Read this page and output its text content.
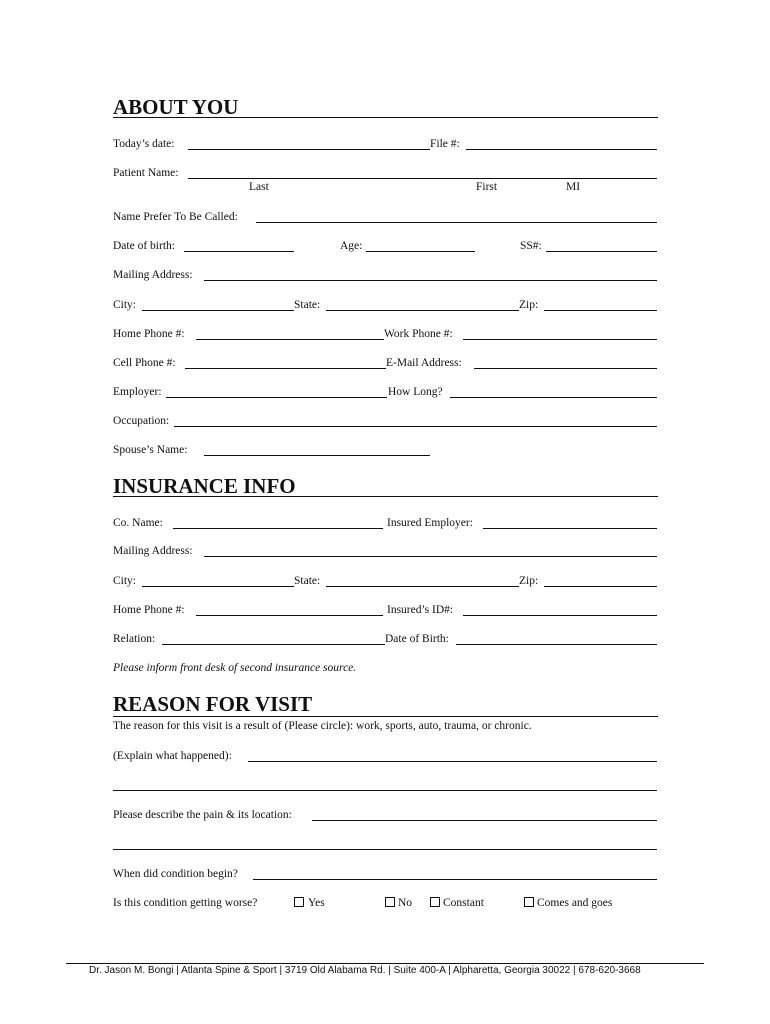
ABOUT YOU
Today’s date:	File #:
Patient Name:
Last	First	MI
Name Prefer To Be Called:
Date of birth:	Age:	SS#:
Mailing Address:
City:	State:	Zip:
Home Phone #:	Work Phone #:
Cell Phone #:	E-Mail Address:
Employer:	How Long?
Occupation:
Spouse’s Name:
INSURANCE INFO
Co. Name:	Insured Employer:
Mailing Address:
City:	State:	Zip:
Home Phone #:	Insured’s ID#:
Relation:	Date of Birth:
Please inform front desk of second insurance source.
REASON FOR VISIT
The reason for this visit is a result of (Please circle): work, sports, auto, trauma, or chronic.
(Explain what happened):
Please describe the pain & its location:
When did condition begin?
Is this condition getting worse?	Yes	No	Constant	Comes and goes
Dr. Jason M. Bongi | Atlanta Spine & Sport | 3719 Old Alabama Rd. | Suite 400-A | Alpharetta, Georgia 30022 | 678-620-3668
